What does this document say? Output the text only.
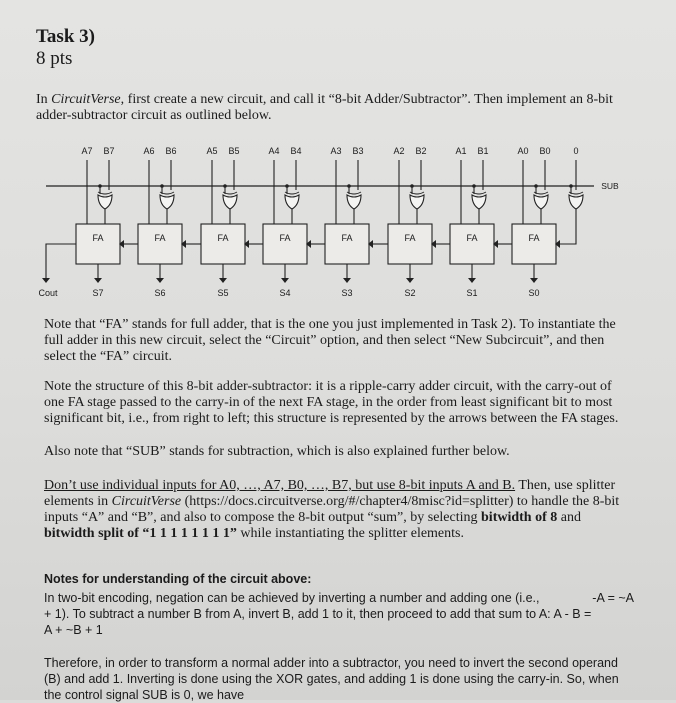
Task 3)
8 pts
In CircuitVerse, first create a new circuit, and call it “8-bit Adder/Subtractor”. Then implement an 8-bit adder-subtractor circuit as outlined below.
A7 B7	A6 B6	A5 B5	A4 B4	A3 B3	A2 B2	A1 B1	A0 B0	0
SUB
FA
S7
FA
S6
FA
S5
FA
S4
FA
S3
FA
S2
FA
S1
FA
S0
Cout
Note that “FA” stands for full adder, that is the one you just implemented in Task 2). To instantiate the full adder in this new circuit, select the “Circuit” option, and then select “New Subcircuit”, and then select the “FA” circuit.
Note the structure of this 8-bit adder-subtractor: it is a ripple-carry adder circuit, with the carry-out of one FA stage passed to the carry-in of the next FA stage, in the order from least significant bit to most significant bit, i.e., from right to left; this structure is represented by the arrows between the FA stages.
Also note that “SUB” stands for subtraction, which is also explained further below.
Don’t use individual inputs for A0, …, A7, B0, …, B7, but use 8-bit inputs A and B. Then, use splitter elements in CircuitVerse (https://docs.circuitverse.org/#/chapter4/8misc?id=splitter) to handle the 8-bit inputs “A” and “B”, and also to compose the 8-bit output “sum”, by selecting bitwidth of 8 and bitwidth split of “1 1 1 1 1 1 1 1” while instantiating the splitter elements.
Notes for understanding of the circuit above:
-A = ~A
In two-bit encoding, negation can be achieved by inverting a number and adding one (i.e.,
+ 1). To subtract a number B from A, invert B, add 1 to it, then proceed to add that sum to A: A - B =
A + ~B + 1
Therefore, in order to transform a normal adder into a subtractor, you need to invert the second operand (B) and add 1. Inverting is done using the XOR gates, and adding 1 is done using the carry-in. So, when the control signal SUB is 0, we have
